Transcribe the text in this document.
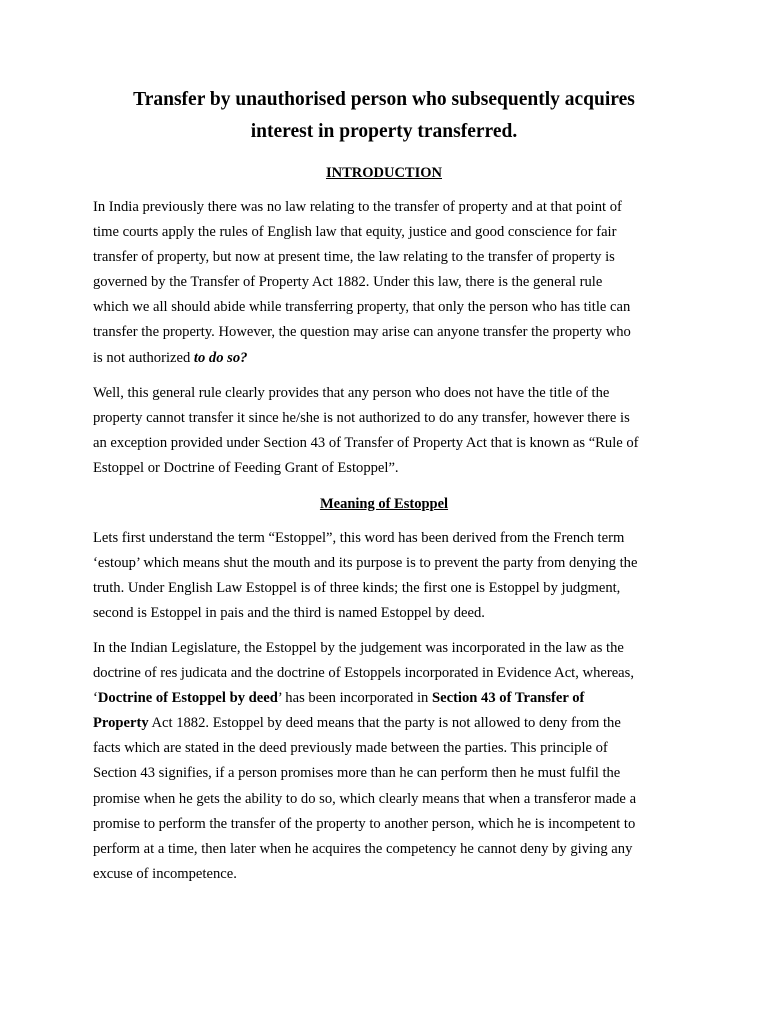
Transfer by unauthorised person who subsequently acquires
interest in property transferred.
INTRODUCTION

In India previously there was no law relating to the transfer of property and at that point of
time courts apply the rules of English law that equity, justice and good conscience for fair
transfer of property, but now at present time, the law relating to the transfer of property is
governed by the Transfer of Property Act 1882. Under this law, there is the general rule
which we all should abide while transferring property, that only the person who has title can
transfer the property. However, the question may arise can anyone transfer the property who
is not authorized to do so?

Well, this general rule clearly provides that any person who does not have the title of the
property cannot transfer it since he/she is not authorized to do any transfer, however there is
an exception provided under Section 43 of Transfer of Property Act that is known as “Rule of
Estoppel or Doctrine of Feeding Grant of Estoppel”.

Meaning of Estoppel

Lets first understand the term “Estoppel”, this word has been derived from the French term
‘estoup’ which means shut the mouth and its purpose is to prevent the party from denying the
truth. Under English Law Estoppel is of three kinds; the first one is Estoppel by judgment,
second is Estoppel in pais and the third is named Estoppel by deed.

In the Indian Legislature, the Estoppel by the judgement was incorporated in the law as the
doctrine of res judicata and the doctrine of Estoppels incorporated in Evidence Act, whereas,
‘Doctrine of Estoppel by deed’ has been incorporated in Section 43 of Transfer of
Property Act 1882. Estoppel by deed means that the party is not allowed to deny from the
facts which are stated in the deed previously made between the parties. This principle of
Section 43 signifies, if a person promises more than he can perform then he must fulfil the
promise when he gets the ability to do so, which clearly means that when a transferor made a
promise to perform the transfer of the property to another person, which he is incompetent to
perform at a time, then later when he acquires the competency he cannot deny by giving any
excuse of incompetence.
